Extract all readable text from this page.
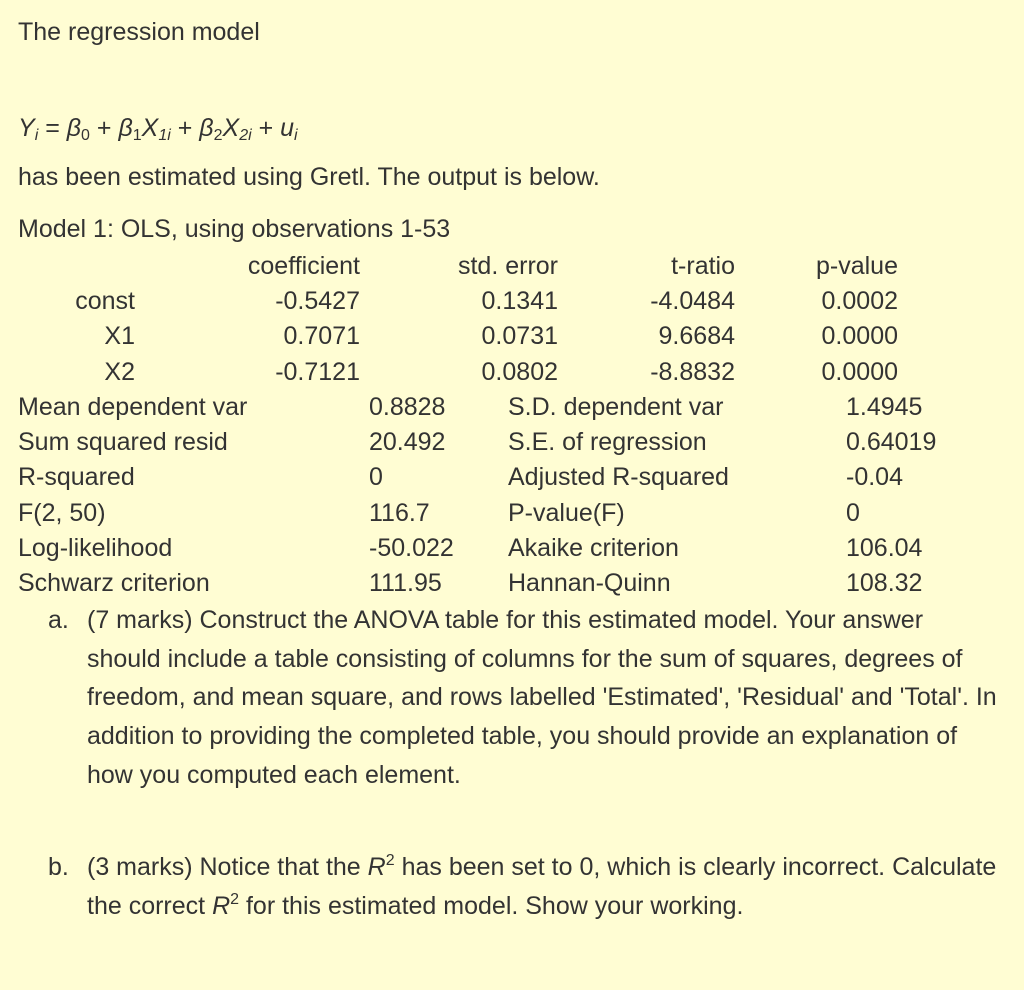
The regression model
$Y_i = \beta_0 + \beta_1X_{1i} + \beta_2X_{2i} + u_i$
has been estimated using Gretl. The output is below.
Model 1: OLS, using observations 1-53
coefficient	std. error	t-ratio	p-value
const	-0.5427	0.1341	-4.0484	0.0002
X1	0.7071	0.0731	9.6684	0.0000
X2	-0.7121	0.0802	-8.8832	0.0000
Mean dependent var	0.8828	S.D. dependent var	1.4945
Sum squared resid	20.492	S.E. of regression	0.64019
R-squared	0	Adjusted R-squared	-0.04
F(2, 50)	116.7	P-value(F)	0
Log-likelihood	-50.022 Akaike criterion	106.04
Schwarz criterion	111.95	Hannan-Quinn	108.32
a. (7 marks) Construct the ANOVA table for this estimated model. Your answer should include a table consisting of columns for the sum of squares, degrees of freedom, and mean square, and rows labelled 'Estimated', 'Residual' and 'Total'. In addition to providing the completed table, you should provide an explanation of how you computed each element.
b. (3 marks) Notice that the $R^2$ has been set to 0, which is clearly incorrect. Calculate the correct $R^2$ for this estimated model. Show your working.
